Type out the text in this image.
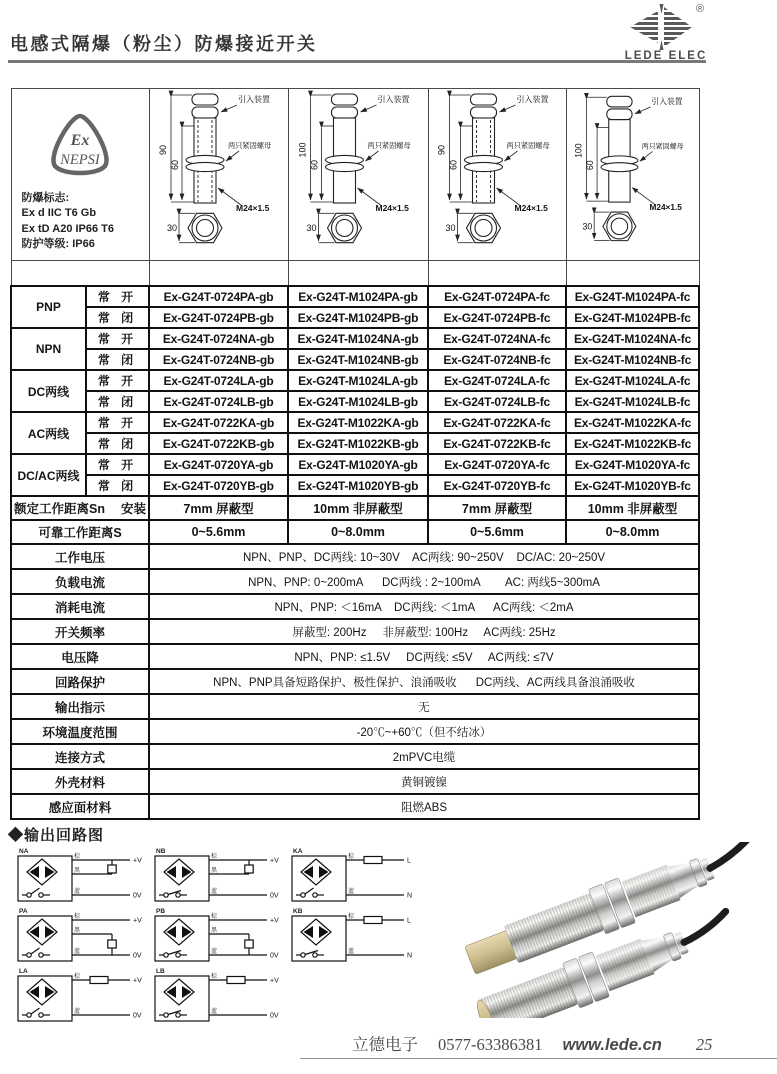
电感式隔爆（粉尘）防爆接近开关
®
LEDE ELEC
Ex
NEPSI
防爆标志:
Ex d IIC T6 Gb
Ex tD A20 IP66 T6
防护等级: IP66

90
60
30
引入装置
两只紧固螺母
M24×1.5

100
60
30
引入装置
两只紧固螺母
M24×1.5

90
60
30
引入装置
两只紧固螺母
M24×1.5

100
60
30
引入装置
两只紧固螺母
M24×1.5

PNP	常 开	Ex-G24T-0724PA-gb	Ex-G24T-M1024PA-gb	Ex-G24T-0724PA-fc	Ex-G24T-M1024PA-fc
	常 闭	Ex-G24T-0724PB-gb	Ex-G24T-M1024PB-gb	Ex-G24T-0724PB-fc	Ex-G24T-M1024PB-fc
NPN	常 开	Ex-G24T-0724NA-gb	Ex-G24T-M1024NA-gb	Ex-G24T-0724NA-fc	Ex-G24T-M1024NA-fc
	常 闭	Ex-G24T-0724NB-gb	Ex-G24T-M1024NB-gb	Ex-G24T-0724NB-fc	Ex-G24T-M1024NB-fc
DC两线	常 开	Ex-G24T-0724LA-gb	Ex-G24T-M1024LA-gb	Ex-G24T-0724LA-fc	Ex-G24T-M1024LA-fc
	常 闭	Ex-G24T-0724LB-gb	Ex-G24T-M1024LB-gb	Ex-G24T-0724LB-fc	Ex-G24T-M1024LB-fc
AC两线	常 开	Ex-G24T-0722KA-gb	Ex-G24T-M1022KA-gb	Ex-G24T-0722KA-fc	Ex-G24T-M1022KA-fc
	常 闭	Ex-G24T-0722KB-gb	Ex-G24T-M1022KB-gb	Ex-G24T-0722KB-fc	Ex-G24T-M1022KB-fc
DC/AC两线	常 开	Ex-G24T-0720YA-gb	Ex-G24T-M1020YA-gb	Ex-G24T-0720YA-fc	Ex-G24T-M1020YA-fc
	常 闭	Ex-G24T-0720YB-gb	Ex-G24T-M1020YB-gb	Ex-G24T-0720YB-fc	Ex-G24T-M1020YB-fc
额定工作距离Sn　 安装		7mm 屏蔽型	10mm 非屏蔽型	7mm 屏蔽型	10mm 非屏蔽型
可靠工作距离S		0~5.6mm	0~8.0mm	0~5.6mm	0~8.0mm
工作电压		NPN、PNP、DC两线: 10~30V    AC两线: 90~250V    DC/AC: 20~250V			
负载电流		NPN、PNP: 0~200mA      DC两线 : 2~100mA        AC: 两线5~300mA			
消耗电流		NPN、PNP: ＜16mA    DC两线: ＜1mA      AC两线: ＜2mA			
开关频率		屏蔽型: 200Hz     非屏蔽型: 100Hz     AC两线: 25Hz			
电压降		NPN、PNP: ≤1.5V     DC两线: ≤5V     AC两线: ≤7V			
回路保护		NPN、PNP具备短路保护、极性保护、浪涌吸收      DC两线、AC两线具备浪涌吸收			
输出指示		无			
环境温度范围		-20℃~+60℃（但不结冰）			
连接方式		2mPVC电缆			
外壳材料		黄铜镀镍			
感应面材料		阻燃ABS			
◆输出回路图
NA
棕
黑
蓝
+V
0V
NB
棕
黑
蓝
+V
0V
KA
棕
蓝
L
N
PA
棕
黑
蓝
+V
0V
PB
棕
黑
蓝
+V
0V
KB
棕
蓝
L
N
LA
棕
蓝
+V
0V
LB
棕
蓝
+V
0V
立德电子 0577-63386381 www.lede.cn 25
